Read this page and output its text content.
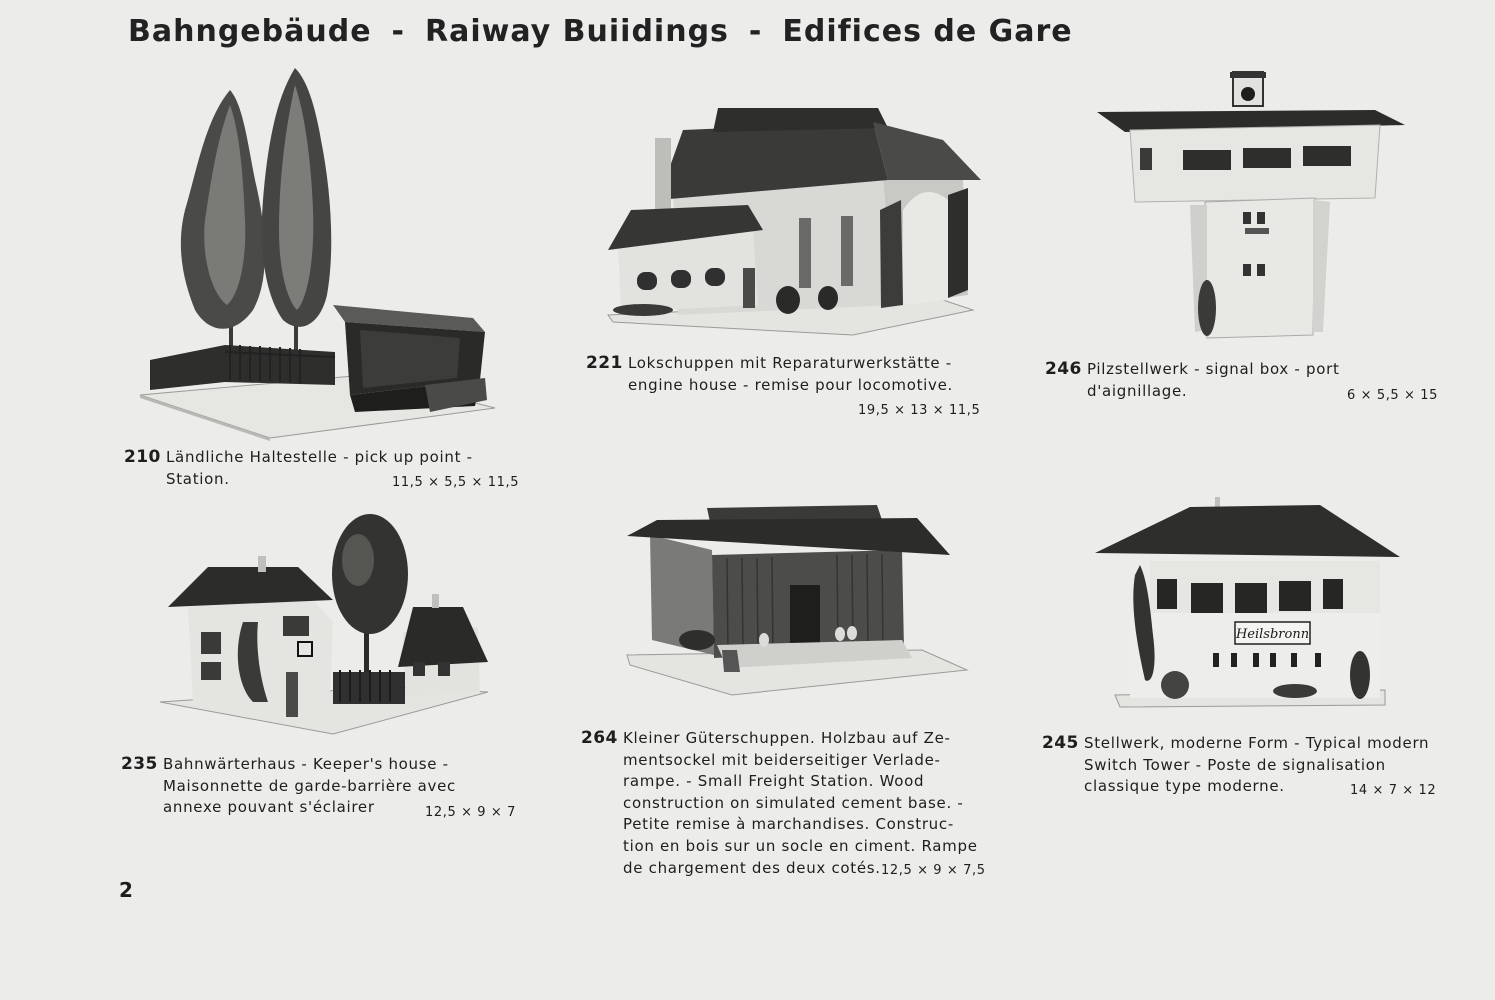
Bahngebäude - Raiway Buiidings - Edifices de Gare
210 Ländliche Haltestelle - pick up point -
Station.	11,5 × 5,5 × 11,5
221 Lokschuppen mit Reparaturwerkstätte -
engine house - remise pour locomotive.
19,5 × 13 × 11,5
246 Pilzstellwerk - signal box - port
d'aignillage.	6 × 5,5 × 15
235 Bahnwärterhaus - Keeper's house -
Maisonnette de garde-barrière avec
annexe pouvant s'éclairer	12,5 × 9 × 7
264 Kleiner Güterschuppen. Holzbau auf Ze-
mentsockel mit beiderseitiger Verlade-
rampe. - Small Freight Station. Wood
construction on simulated cement base. -
Petite remise à marchandises. Construc-
tion en bois sur un socle en ciment. Rampe
de chargement des deux cotés. 12,5 × 9 × 7,5
Heilsbronn
245 Stellwerk, moderne Form - Typical modern
Switch Tower - Poste de signalisation
classique type moderne.	14 × 7 × 12
2
